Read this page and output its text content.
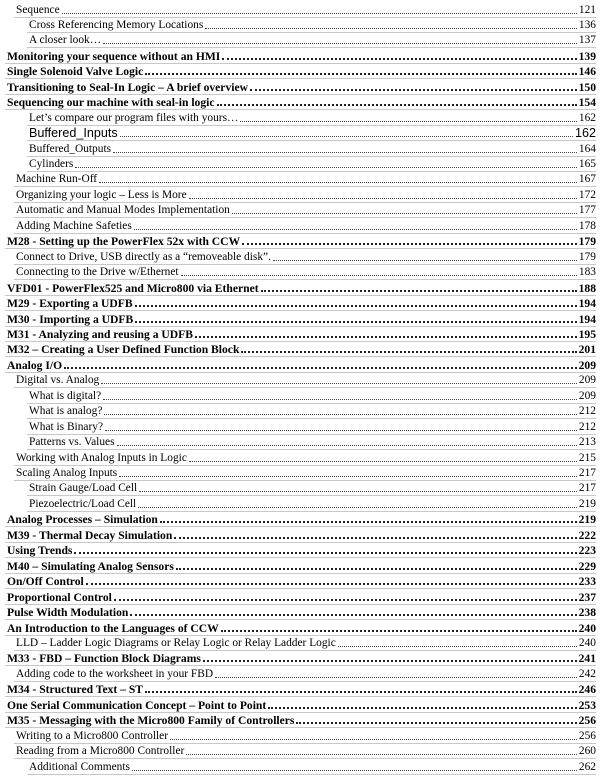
Sequence	121
Cross Referencing Memory Locations	136
A closer look…	137
Monitoring your sequence without an HMI	139
Single Solenoid Valve Logic	146
Transitioning to Seal-In Logic – A brief overview	150
Sequencing our machine with seal-in logic	154
Let’s compare our program files with yours…	162
Buffered_Inputs	162
Buffered_Outputs	164
Cylinders	165
Machine Run-Off	167
Organizing your logic – Less is More	172
Automatic and Manual Modes Implementation	177
Adding Machine Safeties	178
M28 - Setting up the PowerFlex 52x with CCW	179
Connect to Drive, USB directly as a “removeable disk”.	179
Connecting to the Drive w/Ethernet	183
VFD01 - PowerFlex525 and Micro800 via Ethernet	188
M29 - Exporting a UDFB	194
M30 - Importing a UDFB	194
M31 - Analyzing and reusing a UDFB	195
M32 – Creating a User Defined Function Block	201
Analog I/O	209
Digital vs. Analog	209
What is digital?	209
What is analog?	212
What is Binary?	212
Patterns vs. Values	213
Working with Analog Inputs in Logic	215
Scaling Analog Inputs	217
Strain Gauge/Load Cell	217
Piezoelectric/Load Cell	219
Analog Processes – Simulation	219
M39 - Thermal Decay Simulation	222
Using Trends	223
M40 – Simulating Analog Sensors	229
On/Off Control	233
Proportional Control	237
Pulse Width Modulation	238
An Introduction to the Languages of CCW	240
LLD – Ladder Logic Diagrams or Relay Logic or Relay Ladder Logic	240
M33 - FBD – Function Block Diagrams	241
Adding code to the worksheet in your FBD	242
M34 - Structured Text – ST	246
One Serial Communication Concept – Point to Point	253
M35 - Messaging with the Micro800 Family of Controllers	256
Writing to a Micro800 Controller	256
Reading from a Micro800 Controller	260
Additional Comments	262
